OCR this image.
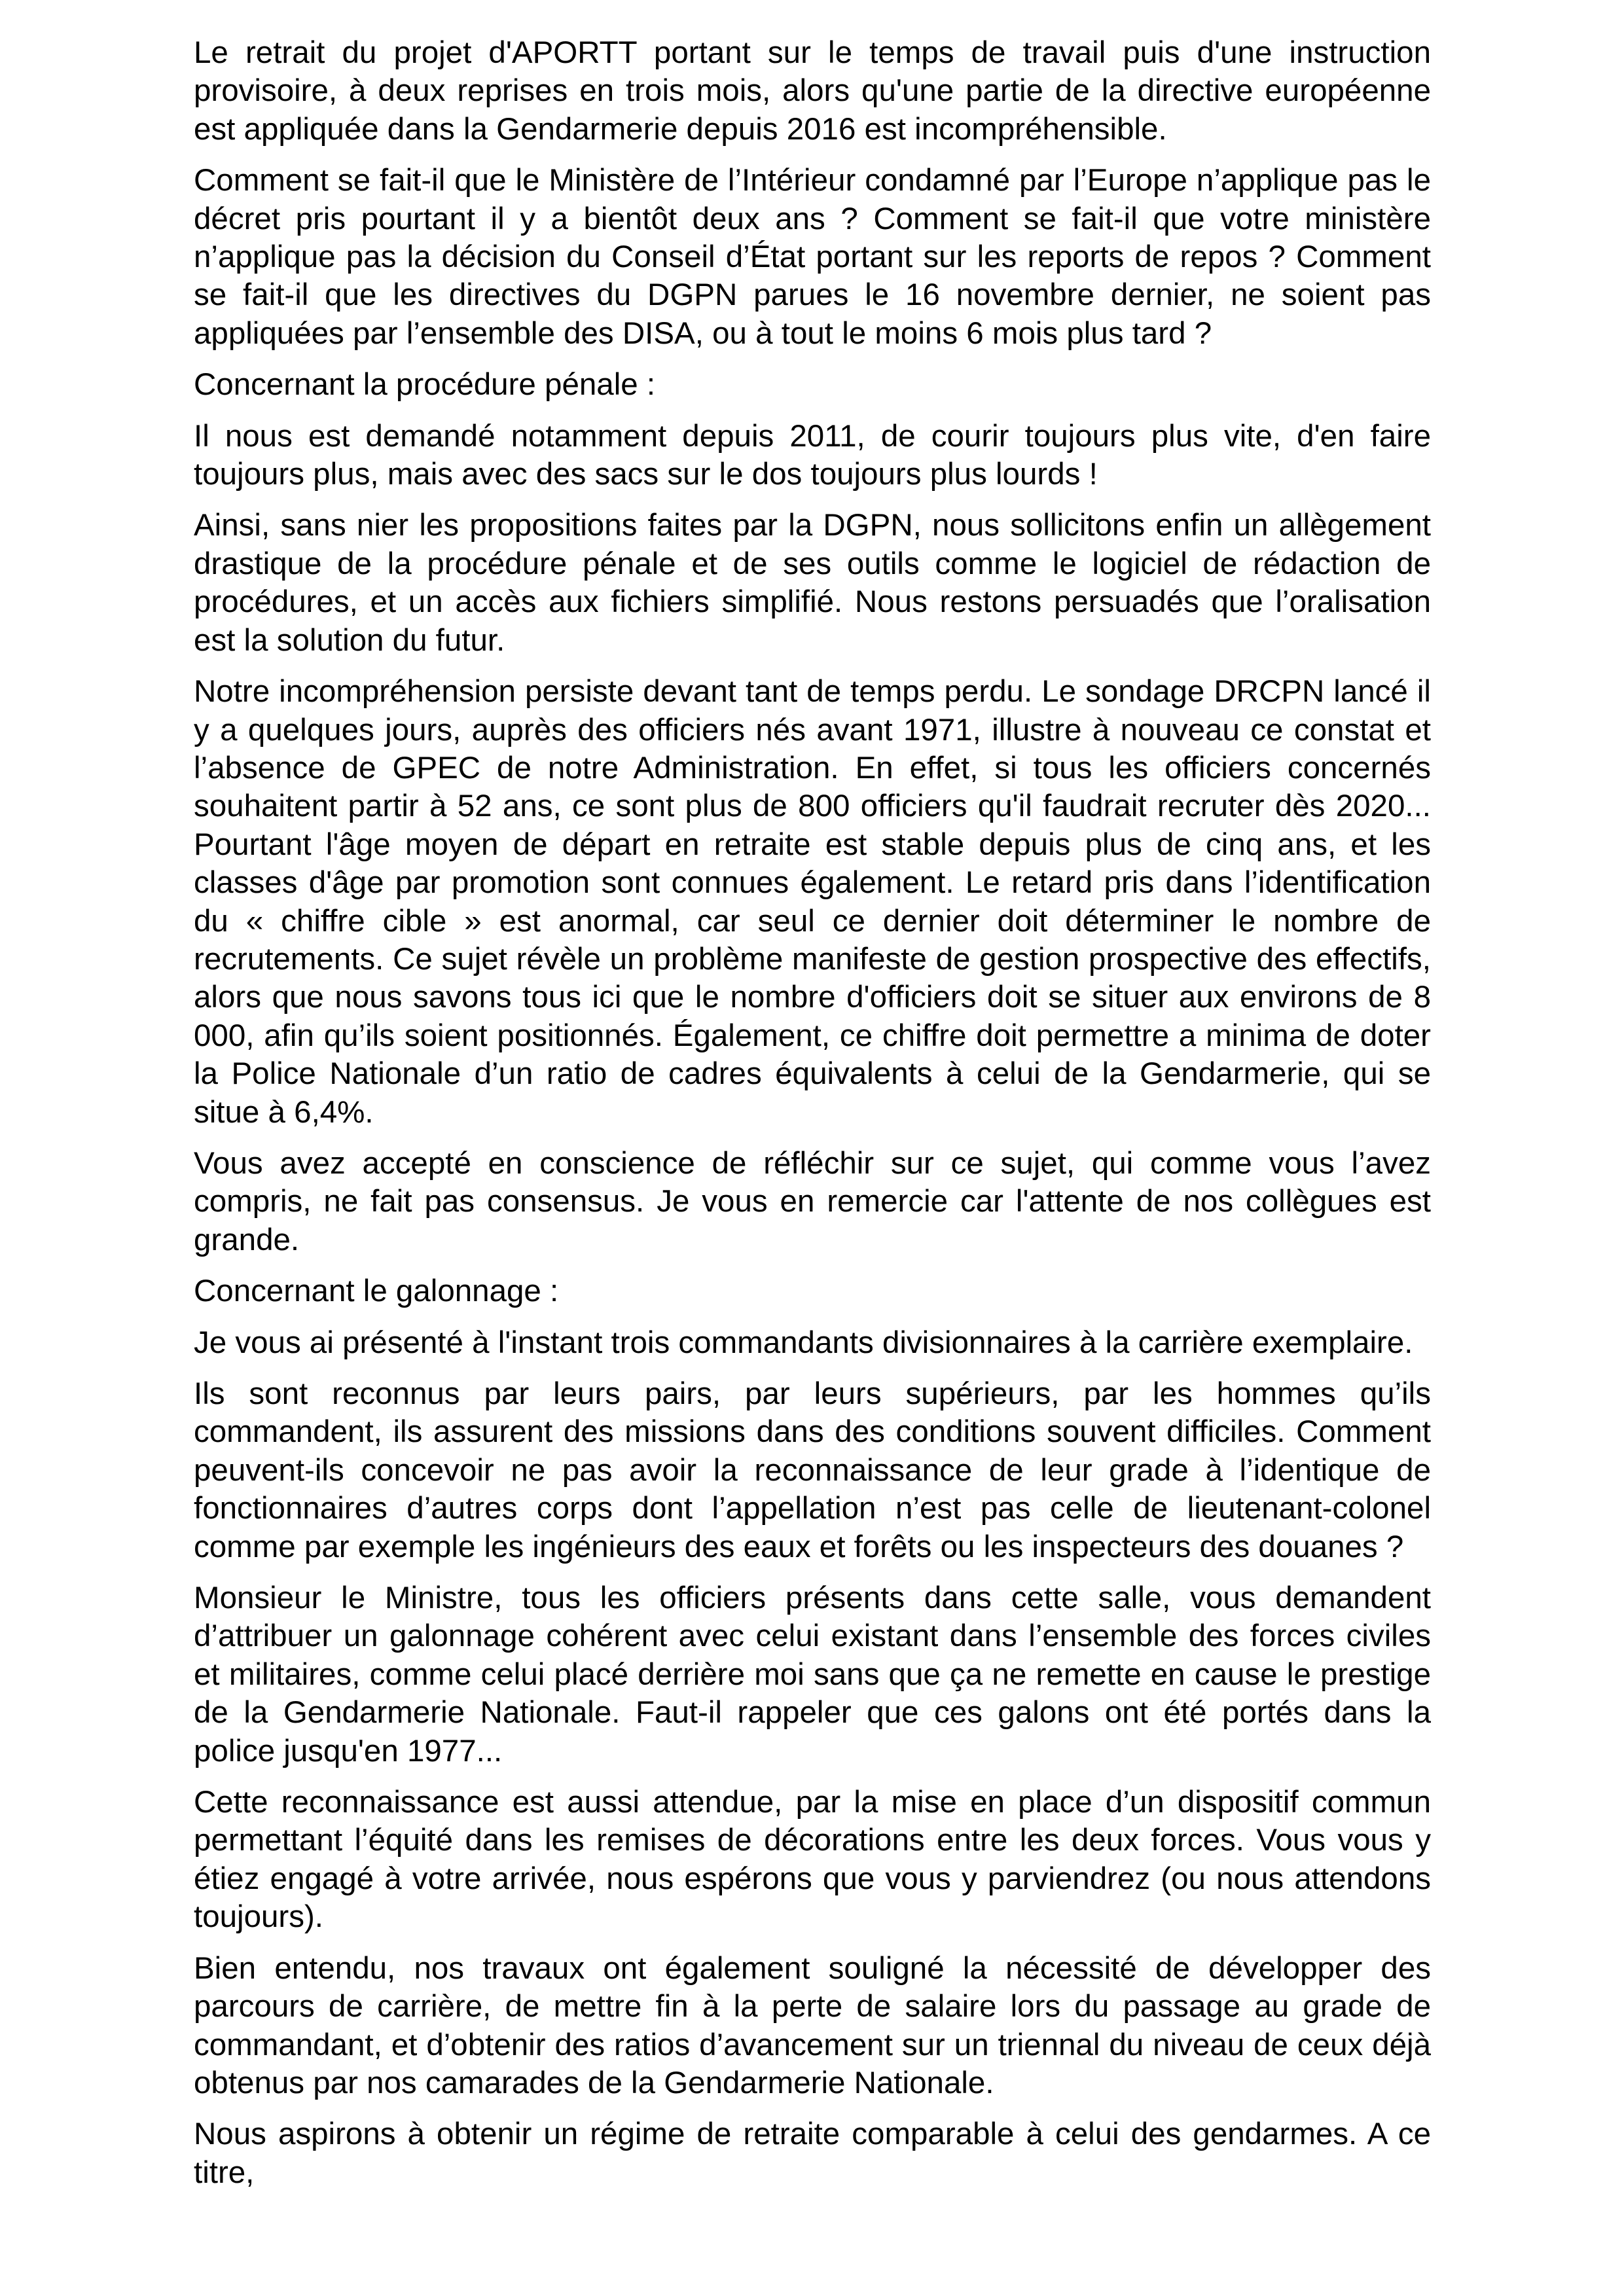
Le retrait du projet d'APORTT portant sur le temps de travail puis d'une instruction provisoire, à deux reprises en trois mois, alors qu'une partie de la directive européenne est appliquée dans la Gendarmerie depuis 2016 est incompréhensible.

Comment se fait-il que le Ministère de l’Intérieur condamné par l’Europe n’applique pas le décret pris pourtant il y a bientôt deux ans ? Comment se fait-il que votre ministère n’applique pas la décision du Conseil d’État portant sur les reports de repos ? Comment se fait-il que les directives du DGPN parues le 16 novembre dernier, ne soient pas appliquées par l’ensemble des DISA, ou à tout le moins 6 mois plus tard ?

Concernant la procédure pénale :

Il nous est demandé notamment depuis 2011, de courir toujours plus vite, d'en faire toujours plus, mais avec des sacs sur le dos toujours plus lourds !

Ainsi, sans nier les propositions faites par la DGPN, nous sollicitons enfin un allègement drastique de la procédure pénale et de ses outils comme le logiciel de rédaction de procédures, et un accès aux fichiers simplifié. Nous restons persuadés que l’oralisation est la solution du futur.

Notre incompréhension persiste devant tant de temps perdu. Le sondage DRCPN lancé il y a quelques jours, auprès des officiers nés avant 1971, illustre à nouveau ce constat et l’absence de GPEC de notre Administration. En effet, si tous les officiers concernés souhaitent partir à 52 ans, ce sont plus de 800 officiers qu'il faudrait recruter dès 2020... Pourtant l'âge moyen de départ en retraite est stable depuis plus de cinq ans, et les classes d'âge par promotion sont connues également. Le retard pris dans l’identification du « chiffre cible » est anormal, car seul ce dernier doit déterminer le nombre de recrutements. Ce sujet révèle un problème manifeste de gestion prospective des effectifs, alors que nous savons tous ici que le nombre d'officiers doit se situer aux environs de 8 000, afin qu’ils soient positionnés. Également, ce chiffre doit permettre a minima de doter la Police Nationale d’un ratio de cadres équivalents à celui de la Gendarmerie, qui se situe à 6,4%.

Vous avez accepté en conscience de réfléchir sur ce sujet, qui comme vous l’avez compris, ne fait pas consensus. Je vous en remercie car l'attente de nos collègues est grande.

Concernant le galonnage :

Je vous ai présenté à l'instant trois commandants divisionnaires à la carrière exemplaire.

Ils sont reconnus par leurs pairs, par leurs supérieurs, par les hommes qu’ils commandent, ils assurent des missions dans des conditions souvent difficiles. Comment peuvent-ils concevoir ne pas avoir la reconnaissance de leur grade à l’identique de fonctionnaires d’autres corps dont l’appellation n’est pas celle de lieutenant-colonel comme par exemple les ingénieurs des eaux et forêts ou les inspecteurs des douanes ?

Monsieur le Ministre, tous les officiers présents dans cette salle, vous demandent d’attribuer un galonnage cohérent avec celui existant dans l’ensemble des forces civiles et militaires, comme celui placé derrière moi sans que ça ne remette en cause le prestige de la Gendarmerie Nationale. Faut-il rappeler que ces galons ont été portés dans la police jusqu'en 1977...

Cette reconnaissance est aussi attendue, par la mise en place d’un dispositif commun permettant l’équité dans les remises de décorations entre les deux forces. Vous vous y étiez engagé à votre arrivée, nous espérons que vous y parviendrez (ou nous attendons toujours).

Bien entendu, nos travaux ont également souligné la nécessité de développer des parcours de carrière, de mettre fin à la perte de salaire lors du passage au grade de commandant, et d’obtenir des ratios d’avancement sur un triennal du niveau de ceux déjà obtenus par nos camarades de la Gendarmerie Nationale.

Nous aspirons à obtenir un régime de retraite comparable à celui des gendarmes. A ce titre,
